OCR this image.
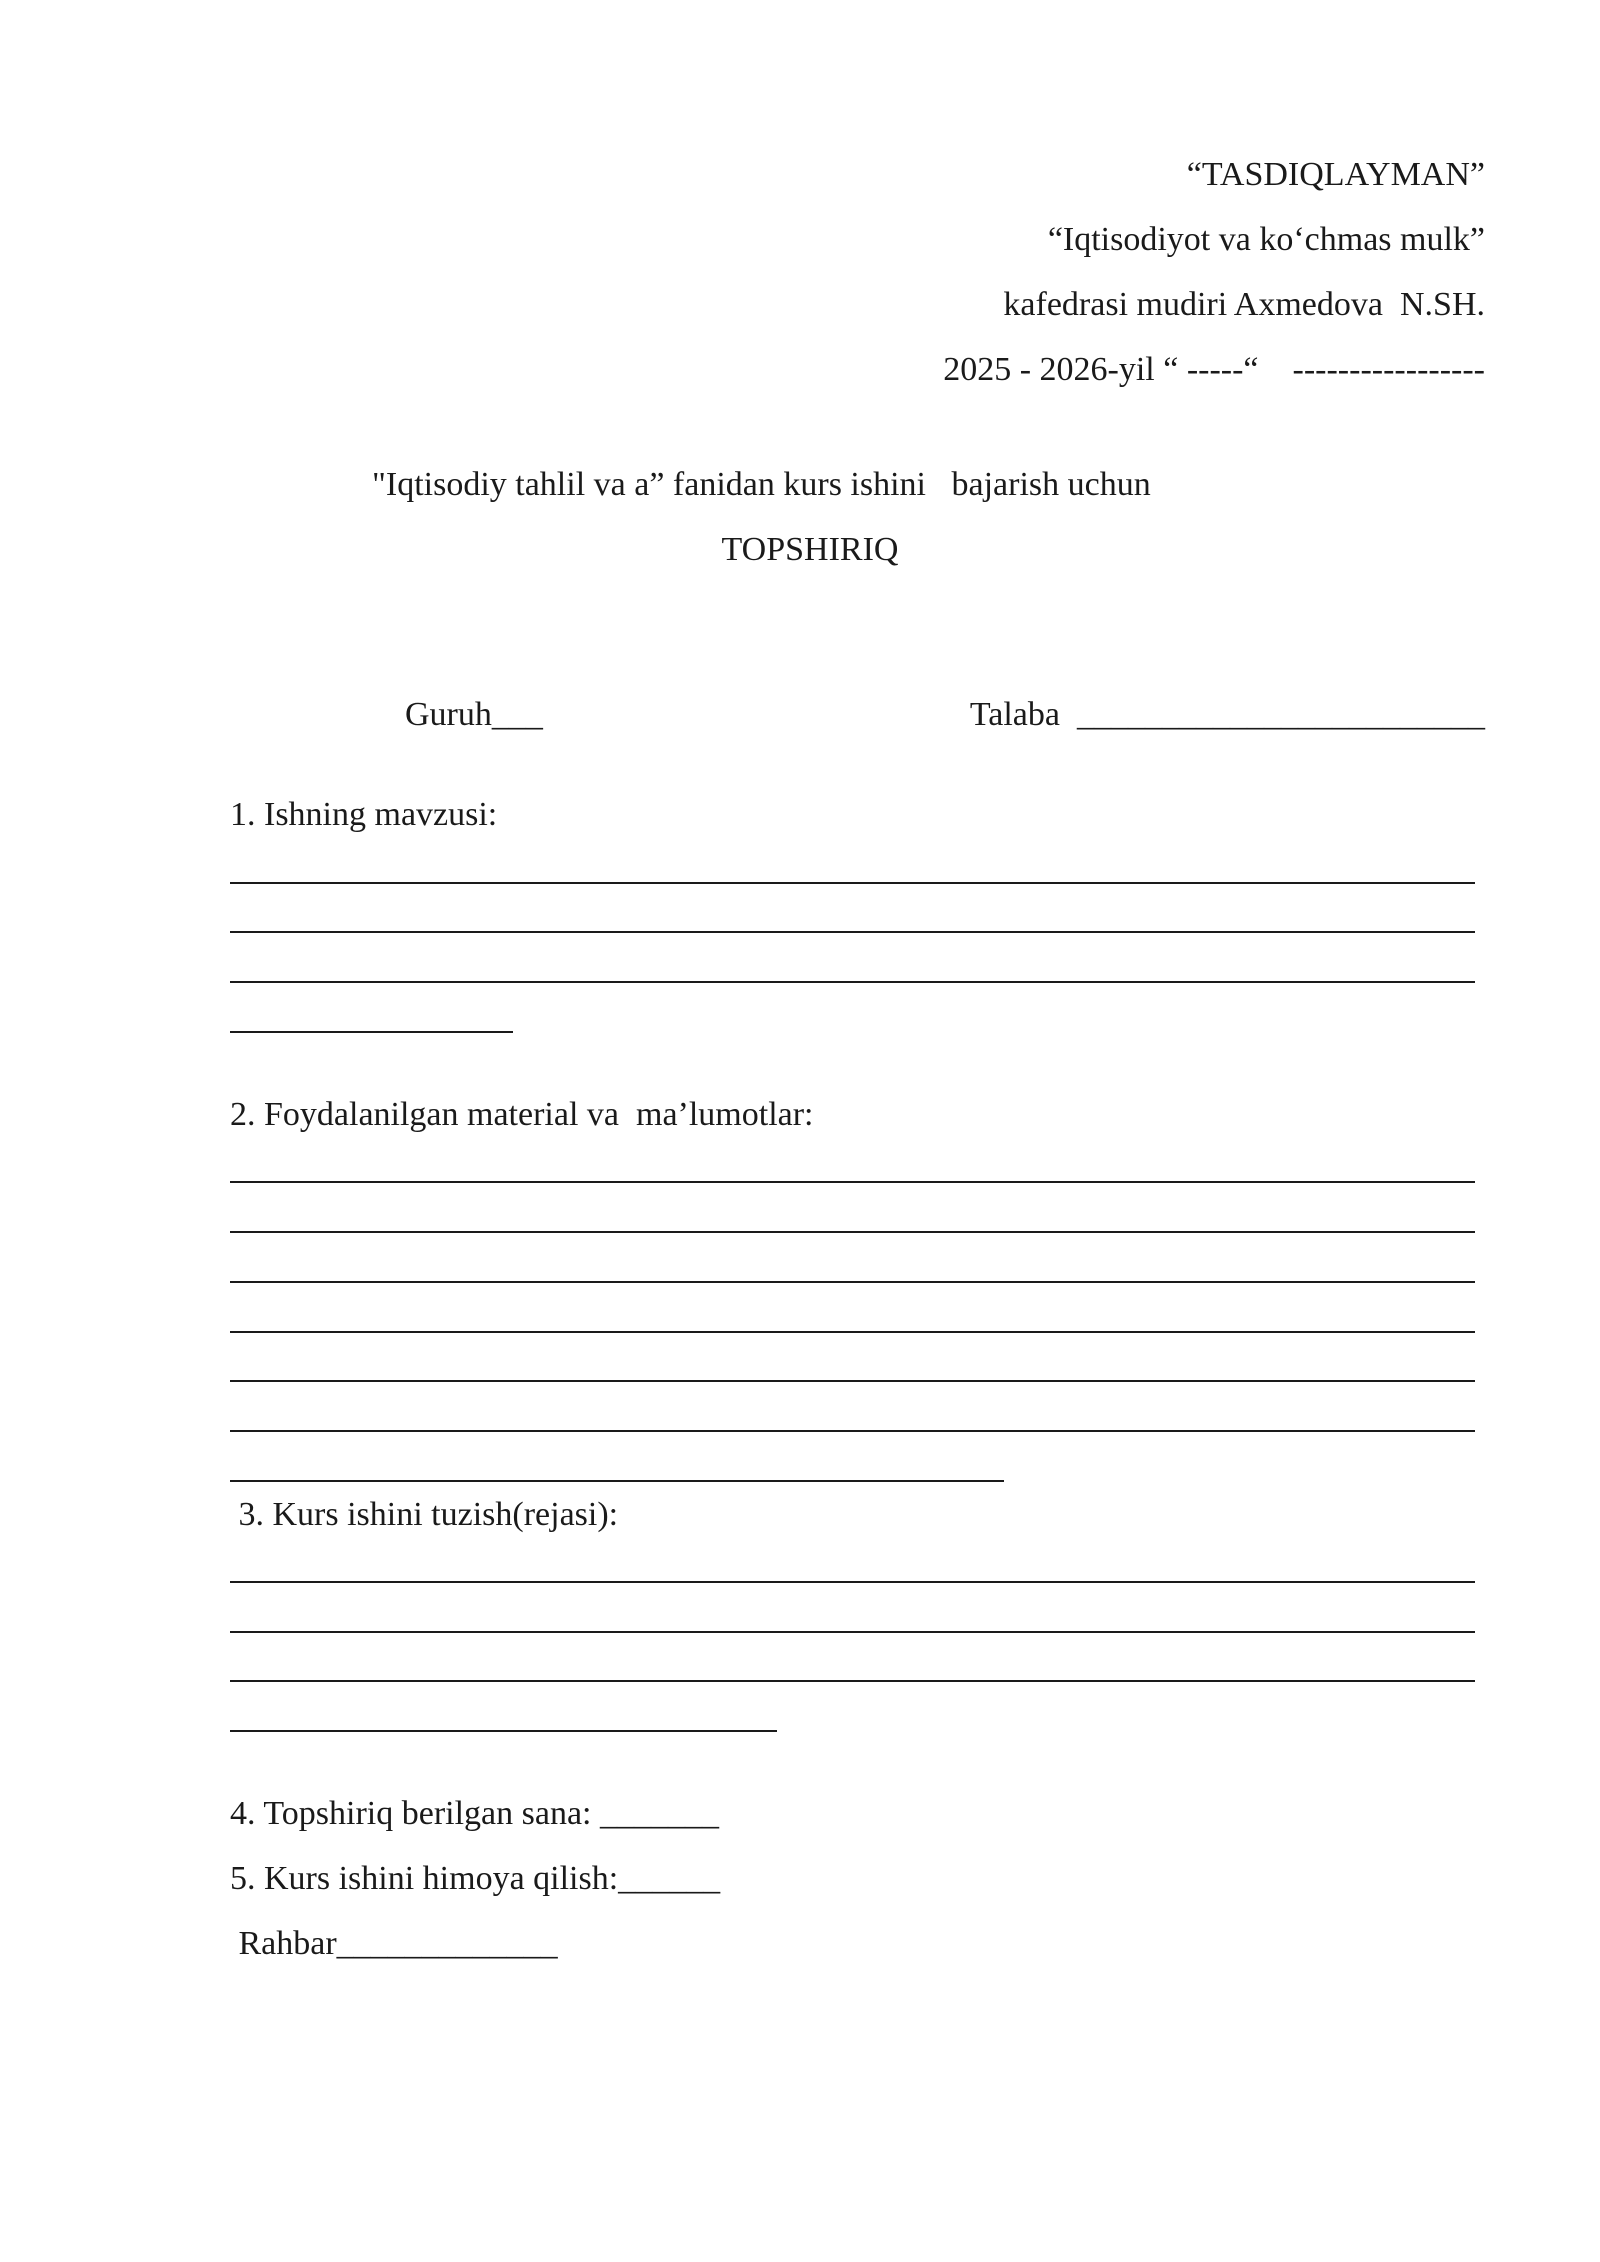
“TASDIQLAYMAN”
“Iqtisodiyot va ko‘chmas mulk”
kafedrasi mudiri Axmedova  N.SH.
2025 - 2026-yil “ -----“    -----------------
"Iqtisodiy tahlil va a” fanidan kurs ishini   bajarish uchun
TOPSHIRIQ
Guruh___	Talaba  ________________________
1. Ishning mavzusi:
2. Foydalanilgan material va  ma’lumotlar:
3. Kurs ishini tuzish(rejasi):
4. Topshiriq berilgan sana: _______
5. Kurs ishini himoya qilish:______
Rahbar_____________
